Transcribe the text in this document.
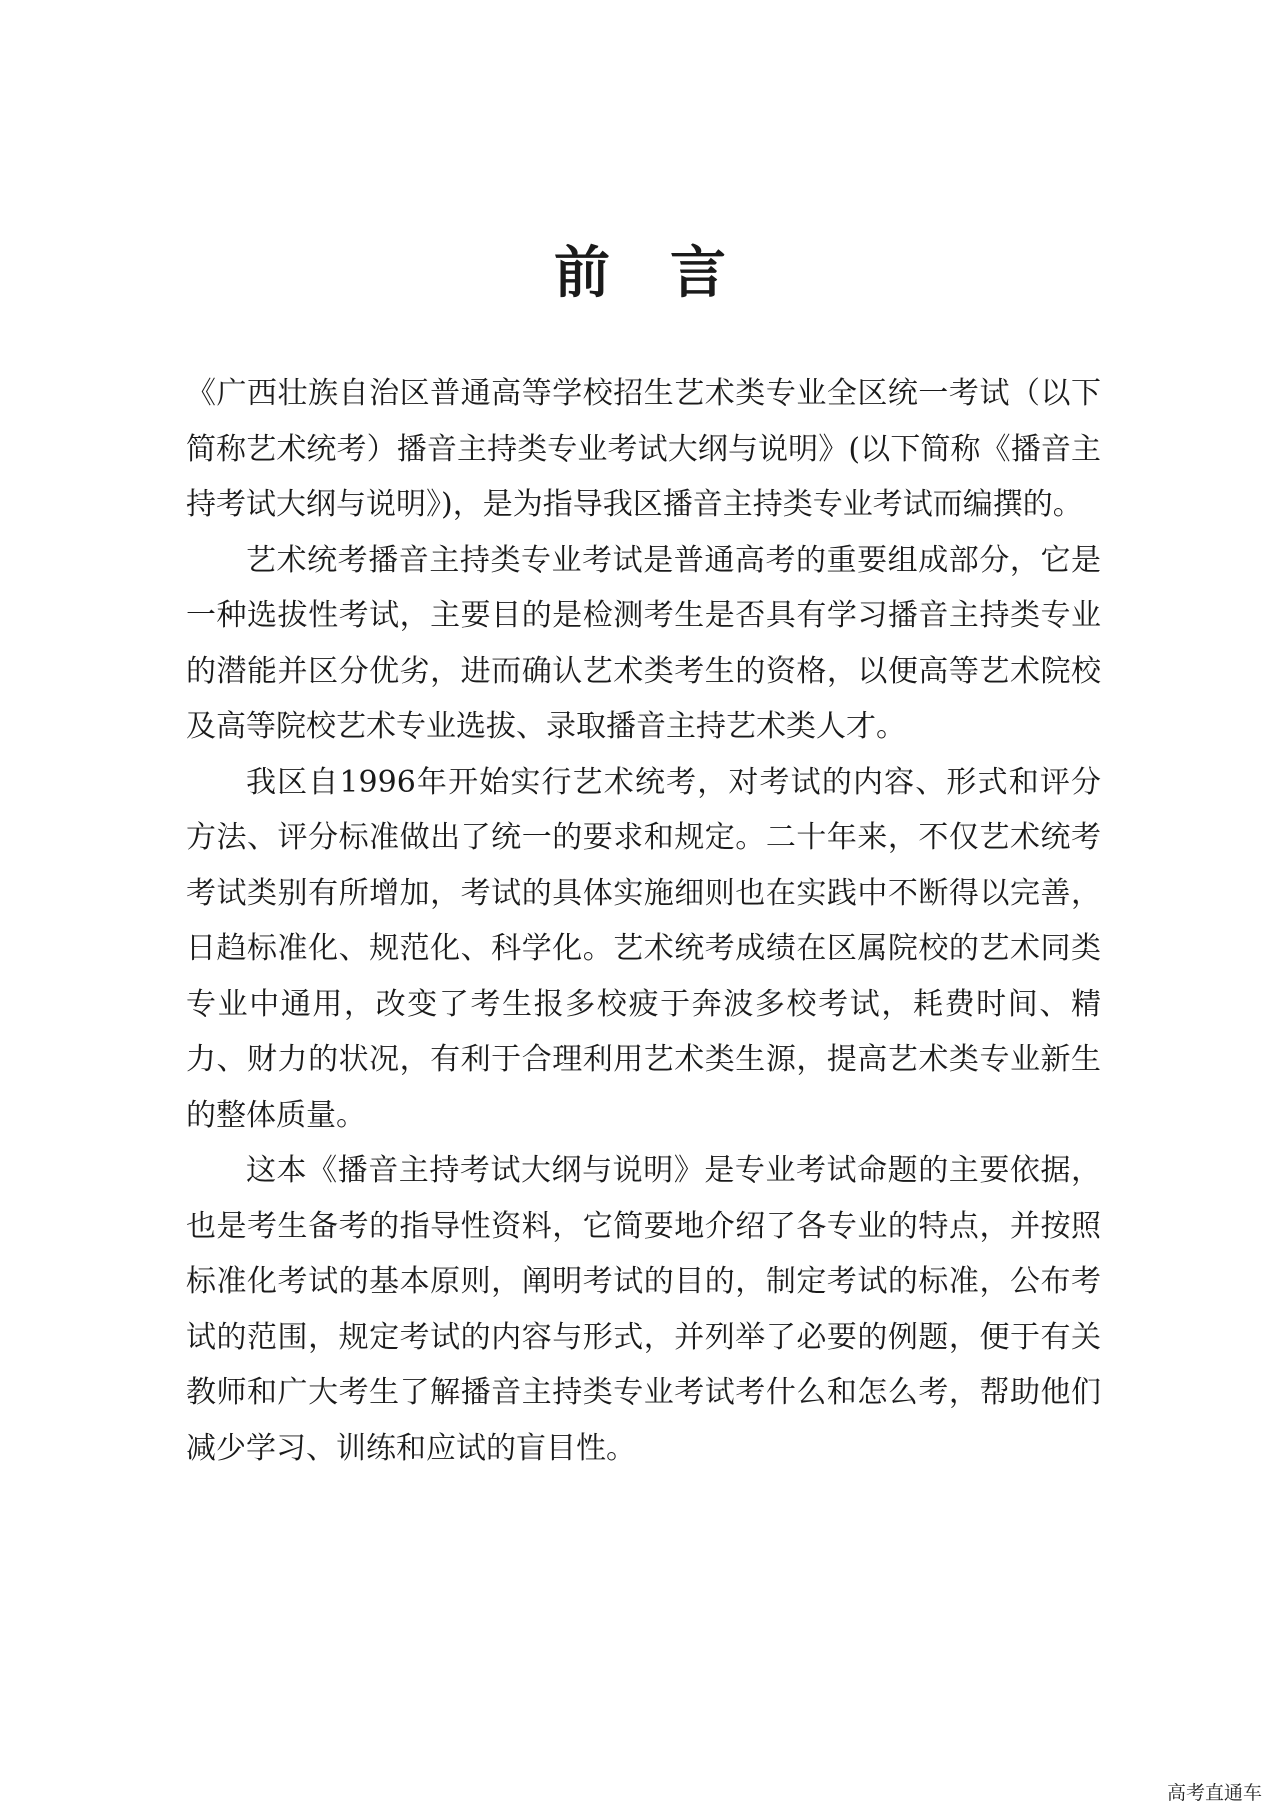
前言

《广西壮族自治区普通高等学校招生艺术类专业全区统一考试（以下简称艺术统考）播音主持类专业考试大纲与说明》(以下简称《播音主持考试大纲与说明》)，是为指导我区播音主持类专业考试而编撰的。

艺术统考播音主持类专业考试是普通高考的重要组成部分，它是一种选拔性考试，主要目的是检测考生是否具有学习播音主持类专业的潜能并区分优劣，进而确认艺术类考生的资格，以便高等艺术院校及高等院校艺术专业选拔、录取播音主持艺术类人才。

我区自1996年开始实行艺术统考，对考试的内容、形式和评分方法、评分标准做出了统一的要求和规定。二十年来，不仅艺术统考考试类别有所增加，考试的具体实施细则也在实践中不断得以完善，日趋标准化、规范化、科学化。艺术统考成绩在区属院校的艺术同类专业中通用，改变了考生报多校疲于奔波多校考试，耗费时间、精力、财力的状况，有利于合理利用艺术类生源，提高艺术类专业新生的整体质量。

这本《播音主持考试大纲与说明》是专业考试命题的主要依据，也是考生备考的指导性资料，它简要地介绍了各专业的特点，并按照标准化考试的基本原则，阐明考试的目的，制定考试的标准，公布考试的范围，规定考试的内容与形式，并列举了必要的例题，便于有关教师和广大考生了解播音主持类专业考试考什么和怎么考，帮助他们减少学习、训练和应试的盲目性。

高考直通车
